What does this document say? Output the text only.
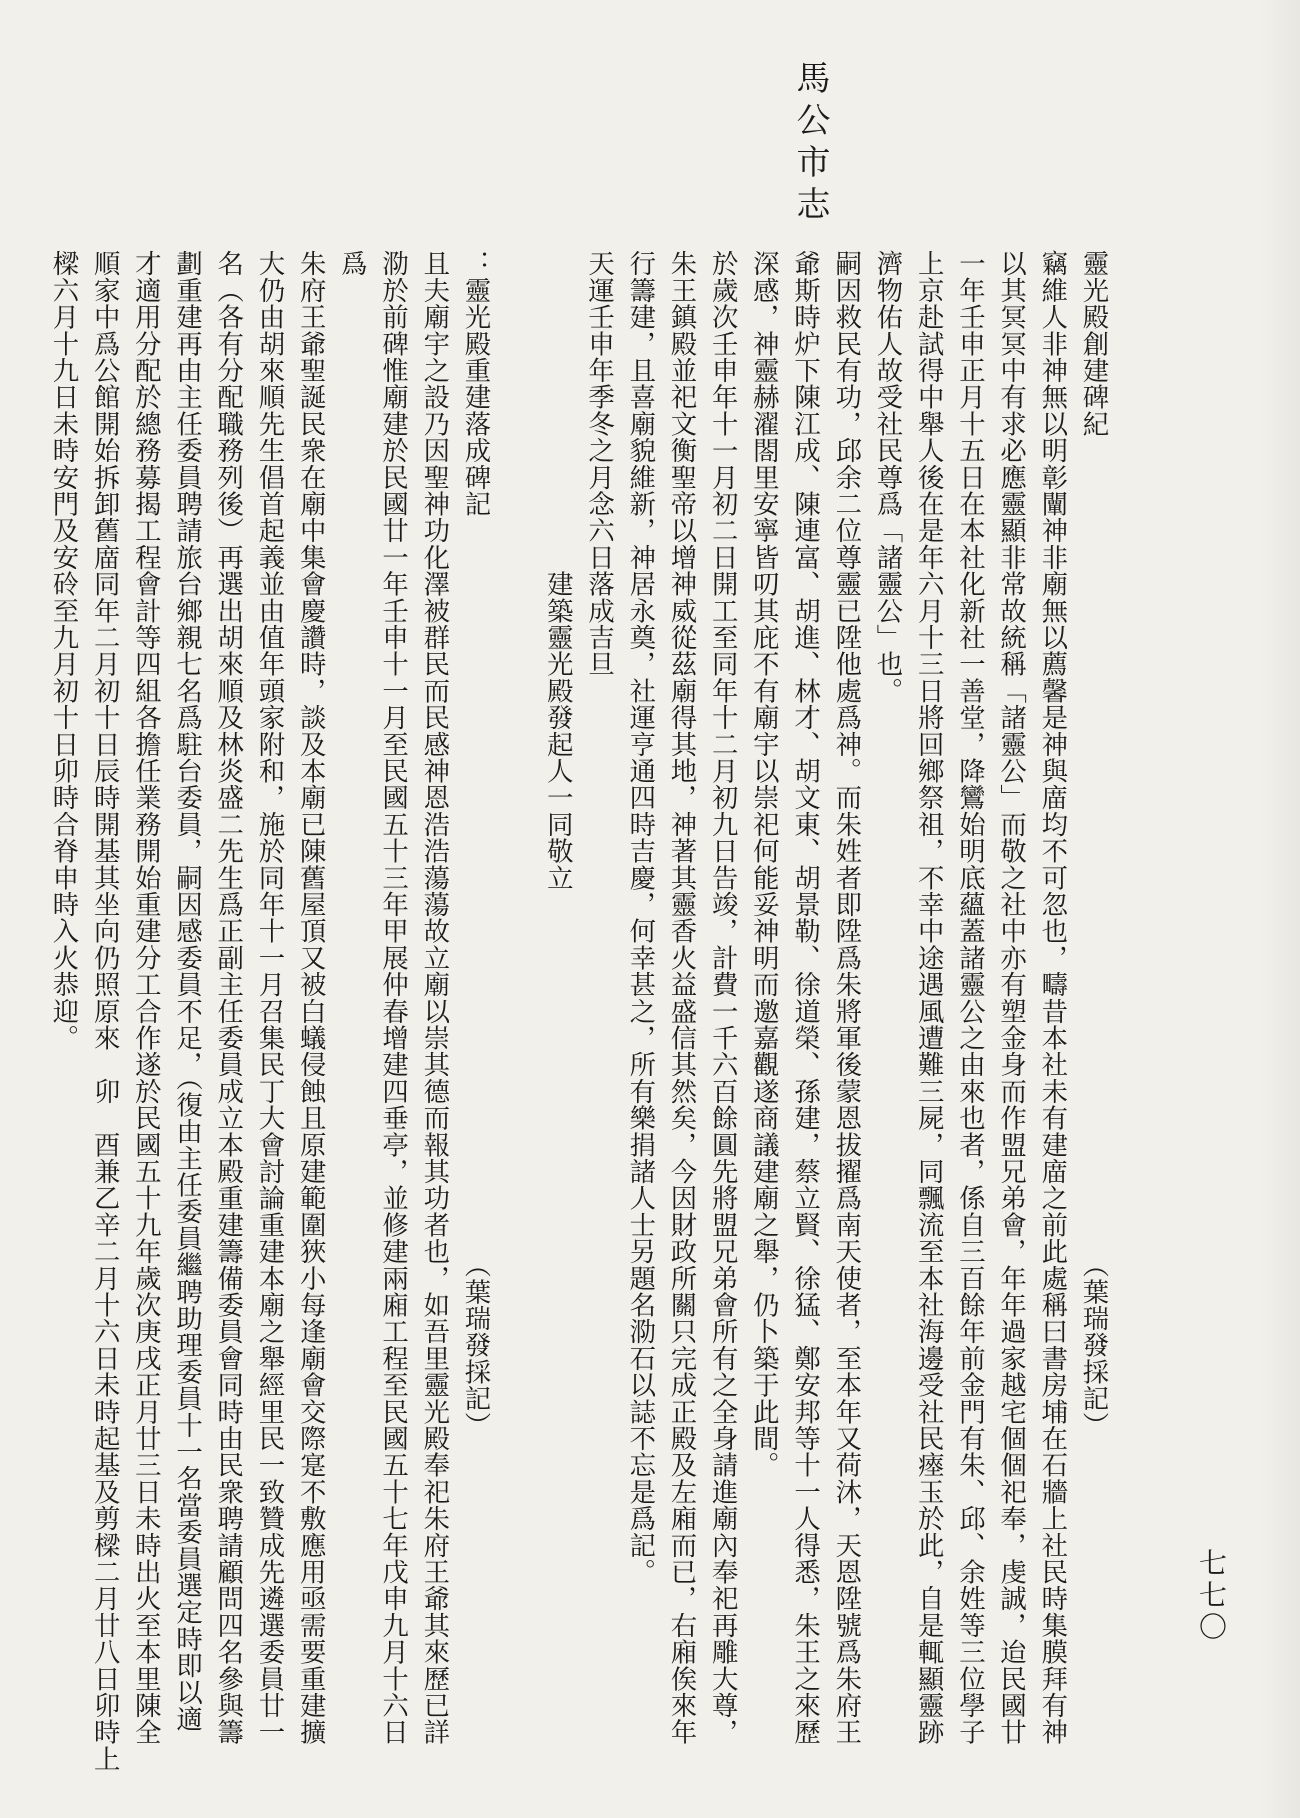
馬公市志
七七〇
靈光殿創建碑紀　　　　　　　　　　　　　　　　　　　　　　　　　　　　　　　（葉瑞發採記）
竊維人非神無以明彰闡神非廟無以薦馨是神與庿均不可忽也，疇昔本社未有建庿之前此處稱曰書房埔在石牆上社民時集膜拜有神
以其冥冥中有求必應靈顯非常故統稱「諸靈公」而敬之社中亦有塑金身而作盟兄弟會，年年過家越宅個個祀奉，虔誠，迨民國廿
一年壬申正月十五日在本社化新社一善堂，降鸞始明底蘊蓋諸靈公之由來也者，係自三百餘年前金門有朱、邱、余姓等三位學子
上京赴試得中舉人後在是年六月十三日將回鄉祭祖，不幸中途遇風遭難三屍，同飄流至本社海邊受社民瘞玉於此，自是輒顯靈跡
濟物佑人故受社民尊爲「諸靈公」也。
嗣因救民有功，邱余二位尊靈已陞他處爲神。而朱姓者即陞爲朱將軍後蒙恩拔擢爲南天使者，至本年又荷沐，天恩陞號爲朱府王
爺斯時炉下陳江成、陳連富、胡進、林才、胡文東、胡景勒、徐道榮、孫建，蔡立賢、徐猛、鄭安邦等十一人得悉，朱王之來歷
深感，神靈赫濯閤里安寧皆叨其庇不有廟宇以崇祀何能妥神明而邀嘉觀遂商議建廟之舉，仍卜築于此間。
於歲次壬申年十一月初二日開工至同年十二月初九日告竣，計費一千六百餘圓先將盟兄弟會所有之全身請進廟內奉祀再雕大尊，
朱王鎮殿並祀文衡聖帝以增神威從茲廟得其地，神著其靈香火益盛信其然矣，今因財政所關只完成正殿及左廂而已，右廂俟來年
行籌建，且喜廟貌維新，神居永奠，社運亨通四時吉慶，何幸甚之，所有樂捐諸人士另題名泐石以誌不忘是爲記。
天運壬申年季冬之月念六日落成吉旦
　　　　　　　　　　　　建築靈光殿發起人一同敬立
：靈光殿重建落成碑記　　　　　　　　　　　　　　　　　　　　　　　　　　　　（葉瑞發採記）
且夫廟宇之設乃因聖神功化澤被群民而民感神恩浩浩蕩蕩故立廟以崇其德而報其功者也，如吾里靈光殿奉祀朱府王爺其來歷已詳
泐於前碑惟廟建於民國廿一年壬申十一月至民國五十三年甲展仲春增建四垂亭，並修建兩廂工程至民國五十七年戊申九月十六日
爲
朱府王爺聖誕民衆在廟中集會慶讚時，談及本廟已陳舊屋頂又被白蟻侵蝕且原建範圍狹小每逢廟會交際寔不敷應用亟需要重建擴
大仍由胡來順先生倡首起義並由值年頭家附和，施於同年十一月召集民丁大會討論重建本廟之舉經里民一致贊成先遴選委員廿一
名（各有分配職務列後）再選出胡來順及林炎盛二先生爲正副主任委員成立本殿重建籌備委員會同時由民衆聘請顧問四名參與籌
劃重建再由主任委員聘請旅台鄉親七名爲駐台委員，嗣因感委員不足，（復由主任委員繼聘助理委員十一名當委員選定時即以適
才適用分配於總務募揭工程會計等四組各擔任業務開始重建分工合作遂於民國五十九年歲次庚戌正月廿三日未時出火至本里陳全
順家中爲公館開始拆卸舊庿同年二月初十日辰時開基其坐向仍照原來　卯　酉兼乙辛二月十六日未時起基及剪樑二月廿八日卯時上
樑六月十九日未時安門及安砱至九月初十日卯時合脊申時入火恭迎。
